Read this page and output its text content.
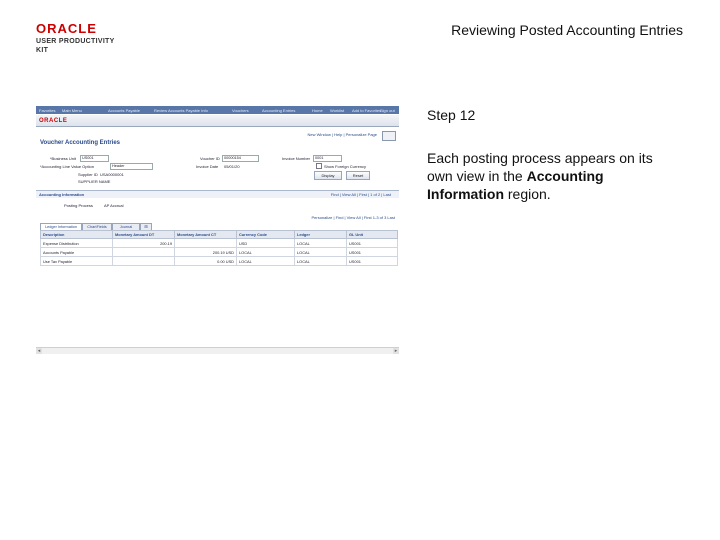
ORACLE
USER PRODUCTIVITY KIT
Reviewing Posted Accounting Entries
Favorites Main Menu	Accounts Payable	Review Accounts Payable Info	Vouchers	Accounting Entries	Home Worklist Add to Favorites
Sign out
ORACLE
New Window | Help | Personalize Page
Voucher Accounting Entries
*Business Unit	US001	Voucher ID	00000154	Invoice Number	0001
*Accounting Line Value Option	Header	Invoice Date 05/01/20	Show Foreign Currency
Supplier ID USA0000001
SUPPLIER NAME
Display	Reset
Accounting Information	Find | View All | First | 1 of 2 | Last
Posting Process	AP Accrual
Personalize | Find | View All | First 1-3 of 3 Last
Ledger Information	ChartFields	Journal	⊞
Description	Monetary Amount DT	Monetary Amount CT	Currency Code	Ledger	GL Unit
Expense Distribution	200.19		USD	LOCAL	US001
Accounts Payable		200.19 USD	LOCAL	LOCAL	US001
Use Tax Payable		0.00 USD	LOCAL	LOCAL	US001
◂	▸
Step 12
Each posting process appears on its own view in the Accounting Information region.
